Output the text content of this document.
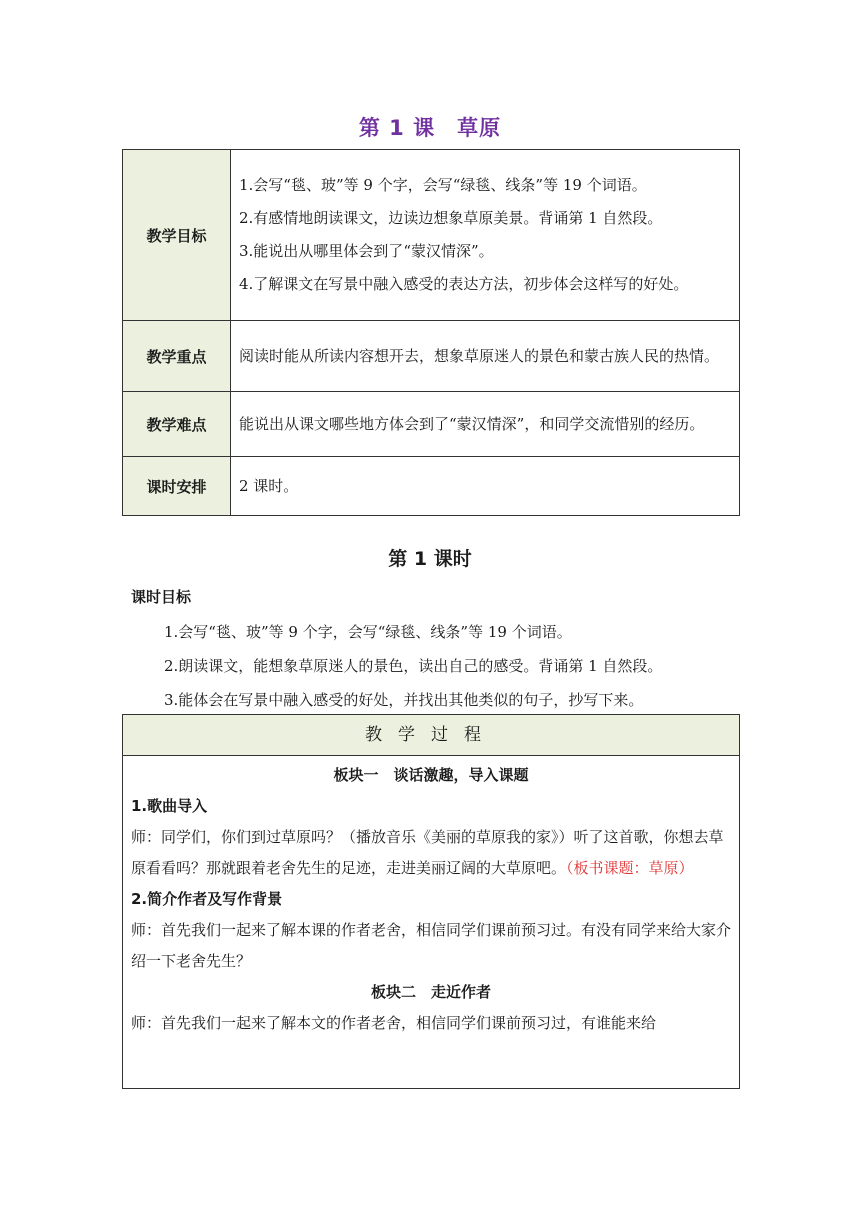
第 1 课　草原
教学目标	1.会写“毯、玻”等 9 个字，会写“绿毯、线条”等 19 个词语。

2.有感情地朗读课文，边读边想象草原美景。背诵第 1 自然段。

3.能说出从哪里体会到了“蒙汉情深”。

4.了解课文在写景中融入感受的表达方法，初步体会这样写的好处。

教学重点	阅读时能从所读内容想开去，想象草原迷人的景色和蒙古族人民的热情。
教学难点	能说出从课文哪些地方体会到了“蒙汉情深”，和同学交流惜别的经历。
课时安排	2 课时。
第 1 课时
课时目标
1.会写“毯、玻”等 9 个字，会写“绿毯、线条”等 19 个词语。
2.朗读课文，能想象草原迷人的景色，读出自己的感受。背诵第 1 自然段。
3.能体会在写景中融入感受的好处，并找出其他类似的句子，抄写下来。
教学过程
板块一　谈话激趣，导入课题
1.歌曲导入
师：同学们，你们到过草原吗？（播放音乐《美丽的草原我的家》）听了这首歌，你想去草原看看吗？那就跟着老舍先生的足迹，走进美丽辽阔的大草原吧。（板书课题：草原）
2.简介作者及写作背景
师：首先我们一起来了解本课的作者老舍，相信同学们课前预习过。有没有同学来给大家介绍一下老舍先生？
板块二　走近作者
师：首先我们一起来了解本文的作者老舍，相信同学们课前预习过，有谁能来给
